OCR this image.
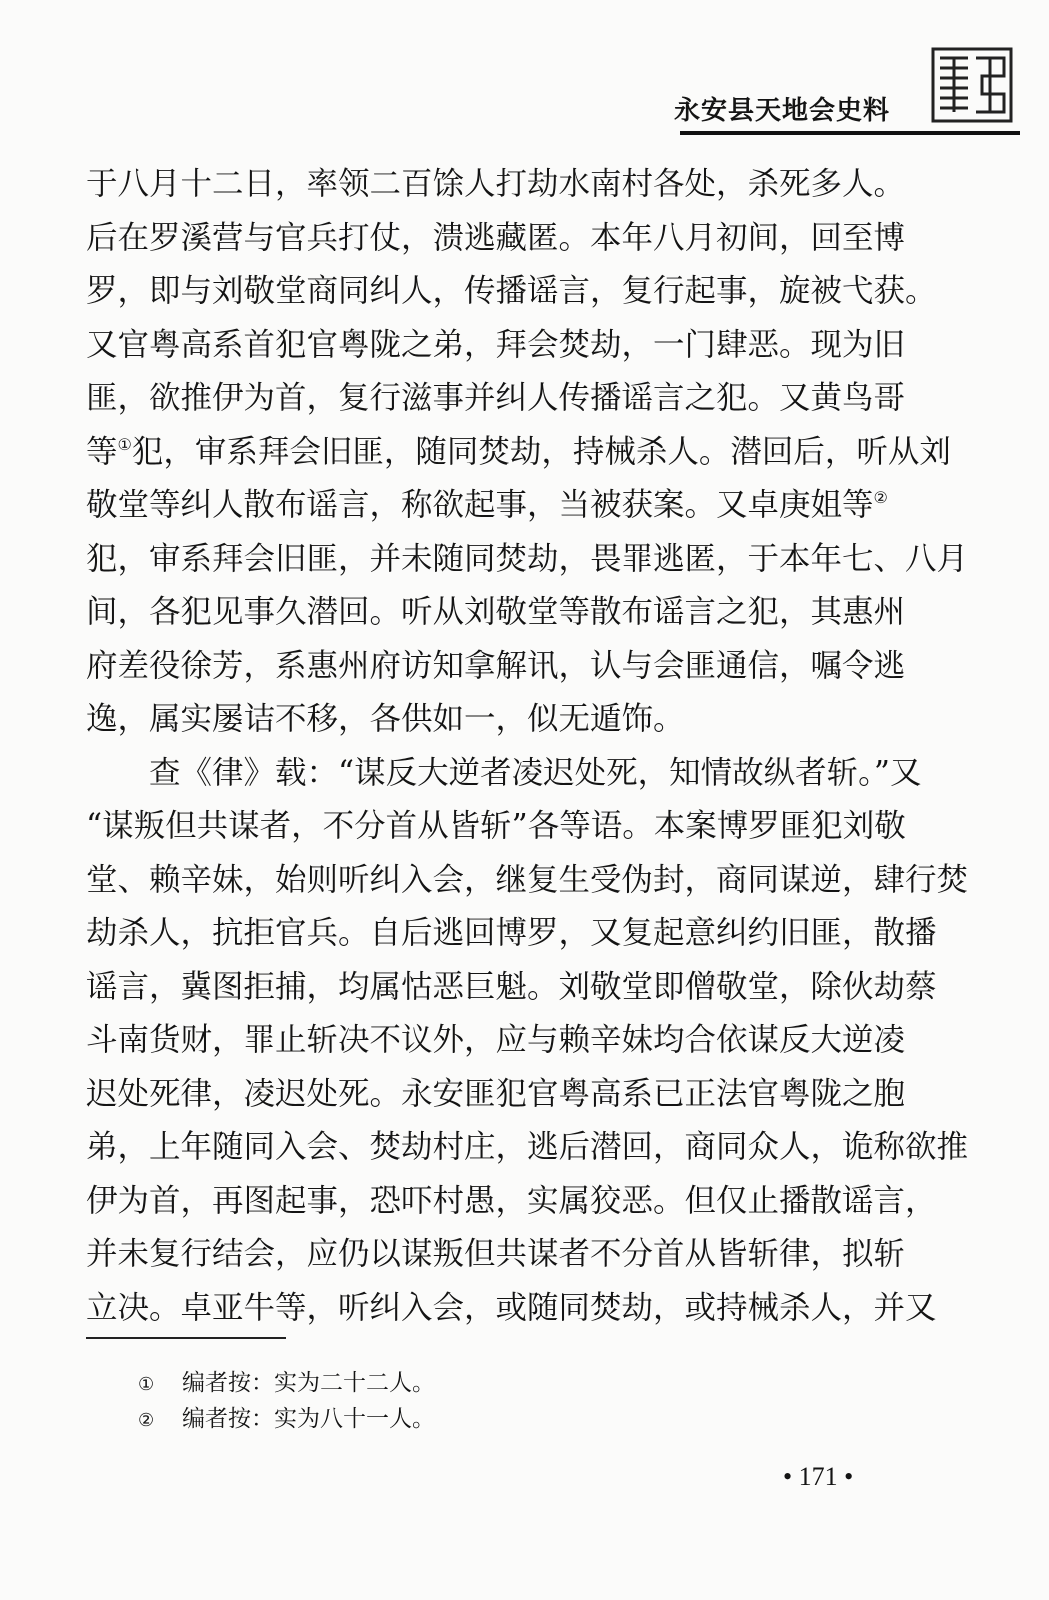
永安县天地会史料
于八月十二日，率领二百馀人打劫水南村各处，杀死多人。
后在罗溪营与官兵打仗，溃逃藏匿。本年八月初间，回至博
罗，即与刘敬堂商同纠人，传播谣言，复行起事，旋被弋获。
又官粤高系首犯官粤陇之弟，拜会焚劫，一门肆恶。现为旧
匪，欲推伊为首，复行滋事并纠人传播谣言之犯。又黄鸟哥
等①犯，审系拜会旧匪，随同焚劫，持械杀人。潜回后，听从刘
敬堂等纠人散布谣言，称欲起事，当被获案。又卓庚姐等②
犯，审系拜会旧匪，并未随同焚劫，畏罪逃匿，于本年七、八月
间，各犯见事久潜回。听从刘敬堂等散布谣言之犯，其惠州
府差役徐芳，系惠州府访知拿解讯，认与会匪通信，嘱令逃
逸，属实屡诘不移，各供如一，似无遁饰。
查《律》载：“谋反大逆者凌迟处死，知情故纵者斩。”又
“谋叛但共谋者，不分首从皆斩”各等语。本案博罗匪犯刘敬
堂、赖辛妹，始则听纠入会，继复生受伪封，商同谋逆，肆行焚
劫杀人，抗拒官兵。自后逃回博罗，又复起意纠约旧匪，散播
谣言，冀图拒捕，均属怙恶巨魁。刘敬堂即僧敬堂，除伙劫蔡
斗南货财，罪止斩决不议外，应与赖辛妹均合依谋反大逆凌
迟处死律，凌迟处死。永安匪犯官粤高系已正法官粤陇之胞
弟，上年随同入会、焚劫村庄，逃后潜回，商同众人，诡称欲推
伊为首，再图起事，恐吓村愚，实属狡恶。但仅止播散谣言，
并未复行结会，应仍以谋叛但共谋者不分首从皆斩律，拟斩
立决。卓亚牛等，听纠入会，或随同焚劫，或持械杀人，并又
① 编者按：实为二十二人。
② 编者按：实为八十一人。
• 171 •
